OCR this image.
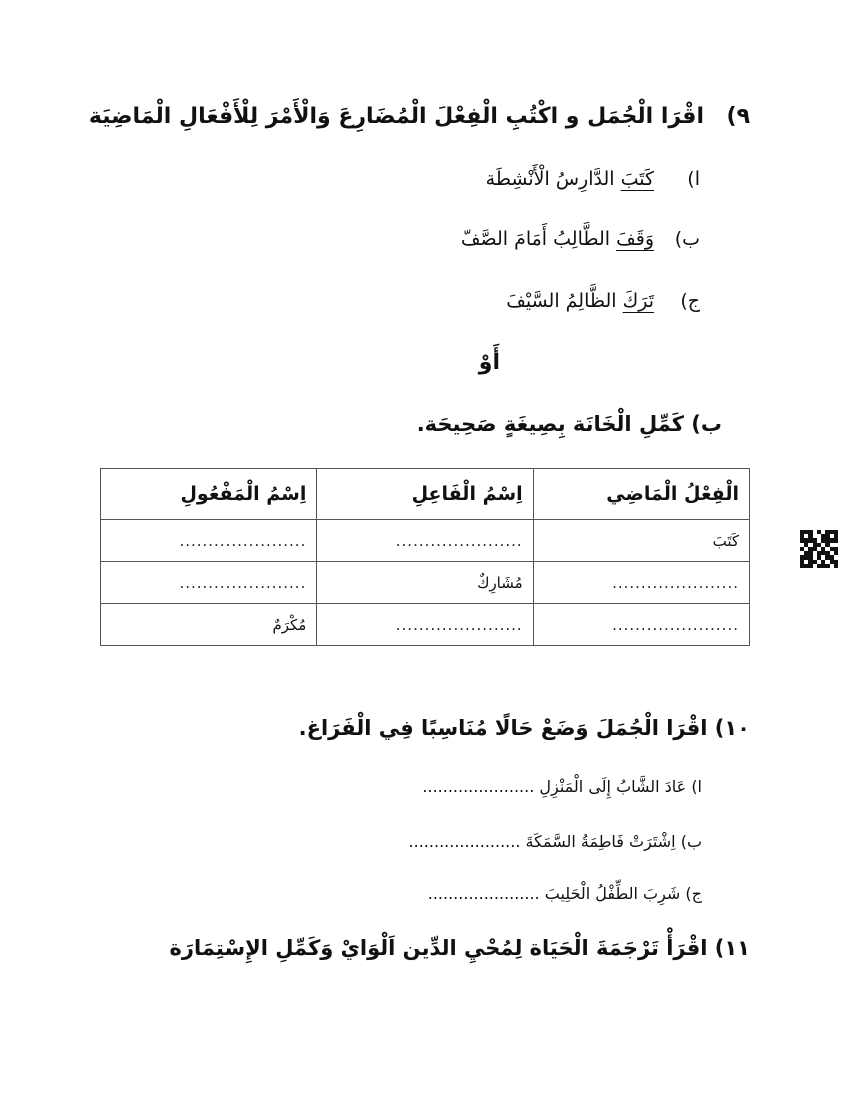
٩)اقْرَا الْجُمَل و اكْتُبِ الْفِعْلَ الْمُضَارِعَ وَالْأَمْرَ لِلْأَفْعَالِ الْمَاضِيَة
ا)كَتَبَ الدَّارِسُ الْأَنْشِطَة
ب)وَقَفَ الطَّالِبُ أَمَامَ الصَّفّ
ج)تَرَكَ الظَّالِمُ السَّيْفَ
أَوْ
ب) كَمِّلِ الْخَانَة بِصِيغَةٍ صَحِيحَة.
الْفِعْلُ الْمَاضِي	اِسْمُ الْفَاعِلِ	اِسْمُ الْمَفْعُولِ
كَتَبَ	......................	......................
......................	مُشَارِكٌ	......................
......................	......................	مُكْرَمٌ
١٠) اقْرَا الْجُمَلَ وَضَعْ حَالًا مُنَاسِبًا فِي الْفَرَاغ.
ا) عَادَ الشَّابُ إِلَى الْمَنْزِلِ ......................
ب) اِشْتَرَتْ فَاطِمَةُ السَّمَكَةَ ......................
ج) شَرِبَ الطِّفْلُ الْحَلِيبَ ......................
١١) اقْرَأْ تَرْجَمَةَ الْحَيَاة لِمُحْيِ الدِّين اَلْوَايْ وَكَمِّلِ الإِسْتِمَارَة
